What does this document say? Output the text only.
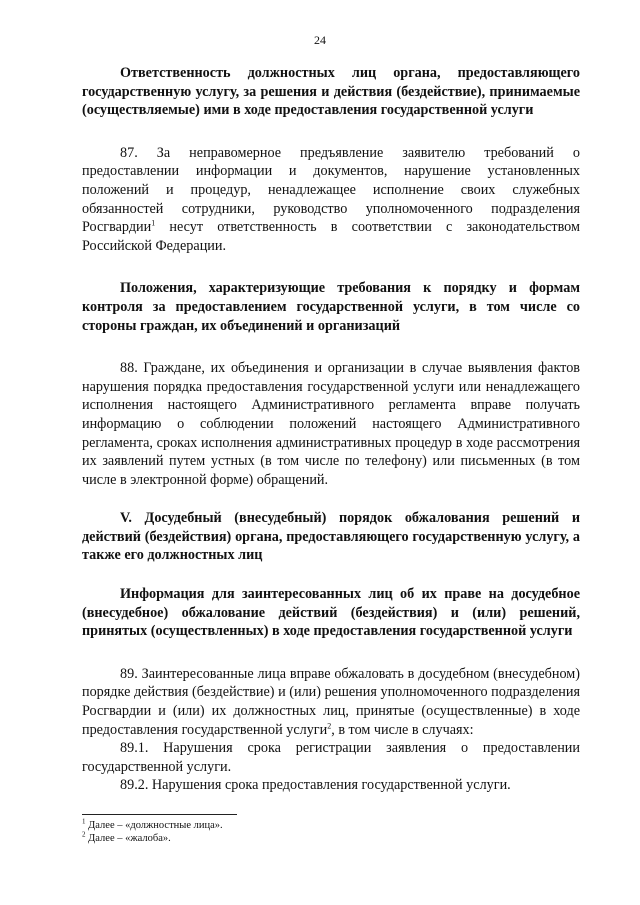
24

Ответственность должностных лиц органа, предоставляющего государственную услугу, за решения и действия (бездействие), принимаемые (осуществляемые) ими в ходе предоставления государственной услуги

87. За неправомерное предъявление заявителю требований о предоставлении информации и документов, нарушение установленных положений и процедур, ненадлежащее исполнение своих служебных обязанностей сотрудники, руководство уполномоченного подразделения Росгвардии$^1$ несут ответственность в соответствии с законодательством Российской Федерации.

Положения, характеризующие требования к порядку и формам контроля за предоставлением государственной услуги, в том числе со стороны граждан, их объединений и организаций

88. Граждане, их объединения и организации в случае выявления фактов нарушения порядка предоставления государственной услуги или ненадлежащего исполнения настоящего Административного регламента вправе получать информацию о соблюдении положений настоящего Административного регламента, сроках исполнения административных процедур в ходе рассмотрения их заявлений путем устных (в том числе по телефону) или письменных (в том числе в электронной форме) обращений.

V. Досудебный (внесудебный) порядок обжалования решений и действий (бездействия) органа, предоставляющего государственную услугу, а также его должностных лиц

Информация для заинтересованных лиц об их праве на досудебное (внесудебное) обжалование действий (бездействия) и (или) решений, принятых (осуществленных) в ходе предоставления государственной услуги

89. Заинтересованные лица вправе обжаловать в досудебном (внесудебном) порядке действия (бездействие) и (или) решения уполномоченного подразделения Росгвардии и (или) их должностных лиц, принятые (осуществленные) в ходе предоставления государственной услуги$^2$, в том числе в случаях:

89.1. Нарушения срока регистрации заявления о предоставлении государственной услуги.

89.2. Нарушения срока предоставления государственной услуги.

$^1$ Далее – «должностные лица».

$^2$ Далее – «жалоба».
